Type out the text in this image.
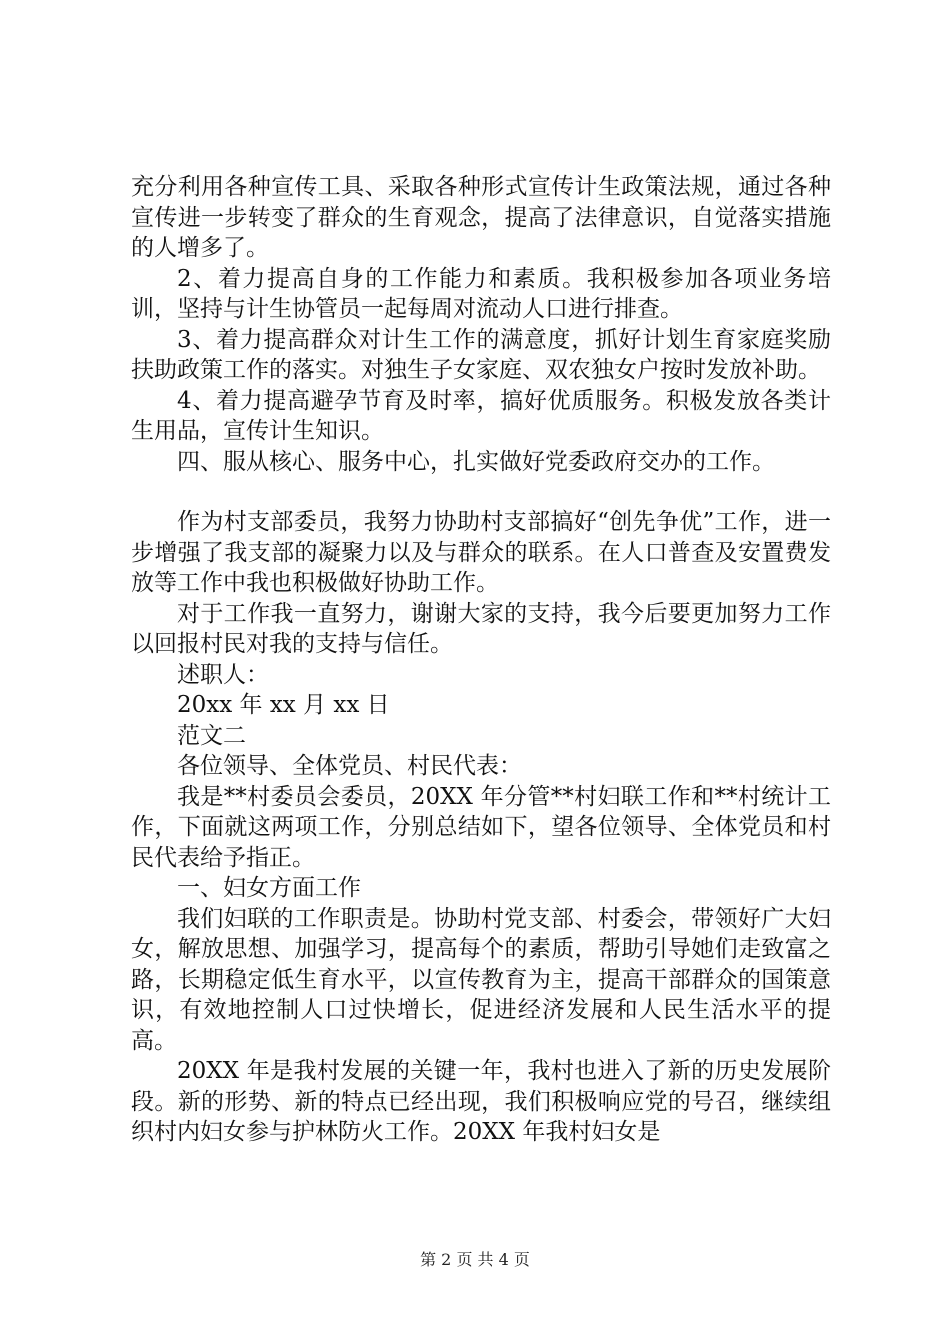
充分利用各种宣传工具、采取各种形式宣传计生政策法规，通过各种宣传进一步转变了群众的生育观念，提高了法律意识，自觉落实措施的人增多了。

2、着力提高自身的工作能力和素质。我积极参加各项业务培训，坚持与计生协管员一起每周对流动人口进行排查。

3、着力提高群众对计生工作的满意度，抓好计划生育家庭奖励扶助政策工作的落实。对独生子女家庭、双农独女户按时发放补助。

4、着力提高避孕节育及时率，搞好优质服务。积极发放各类计生用品，宣传计生知识。

四、服从核心、服务中心，扎实做好党委政府交办的工作。

作为村支部委员，我努力协助村支部搞好“创先争优”工作，进一步增强了我支部的凝聚力以及与群众的联系。在人口普查及安置费发放等工作中我也积极做好协助工作。

对于工作我一直努力，谢谢大家的支持，我今后要更加努力工作以回报村民对我的支持与信任。

述职人：

20xx 年 xx 月 xx 日

范文二

各位领导、全体党员、村民代表：

我是**村委员会委员，20XX 年分管**村妇联工作和**村统计工作，下面就这两项工作，分别总结如下，望各位领导、全体党员和村民代表给予指正。

一、妇女方面工作

我们妇联的工作职责是。协助村党支部、村委会，带领好广大妇女，解放思想、加强学习，提高每个的素质，帮助引导她们走致富之路，长期稳定低生育水平，以宣传教育为主，提高干部群众的国策意识，有效地控制人口过快增长，促进经济发展和人民生活水平的提高。

20XX 年是我村发展的关键一年，我村也进入了新的历史发展阶段。新的形势、新的特点已经出现，我们积极响应党的号召，继续组织村内妇女参与护林防火工作。20XX 年我村妇女是

第 2 页 共 4 页
